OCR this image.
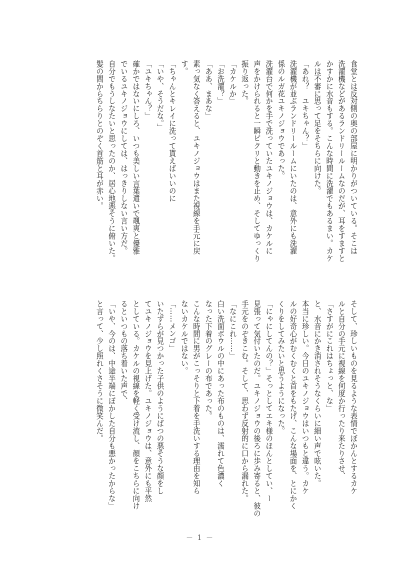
食堂とは反対側の奥の部屋に明かりがついている。そこは

洗濯機などがあるランドリールームなのだが、耳をすますと

かすかに水音もする。こんな時間に洗濯でもあるまい。カケ

ルは不審に思って足をそちらに向けた。

「あれ？　ユキちゃん？」

洗濯機が並ぶランドリールームにいたのは、意外にも洗濯

係のルガ花ユキノジョウであった。

洗濯台で何かを手で洗っていたユキノジョウは、カケルに

声をかけられると一瞬ビクリと動きを止め、そしてゆっくり

振り返った。

「カケルか」

「お洗濯？」

「ああ、まあな」

素っ気なく答えると、ユキノジョウはまた視線を手元に戻

す。

「ちゃんとキレイに洗って貰えばいいのに

「いや、そうだな。」

「ユキちゃん？」

確かではないにしろ、いつも美しい言葉遣いで颯爽と優雅

でいるユキノジョウにしては、はっきりしない言い方だ。

自分でもうしなたいと思ったのか、居心地悪そうに俯いた。

髪の間からちらりとのぞく首筋と耳が赤い。

そして、珍しいものを見るような表情でぼかんとするカケ

ルと自分の手元に視線を何度か行ったり来たりさせ、

「さすがにこれはちょっと、な」

と、水音にかき消されそうなくらいに細い声で呟いた。

本当に珍しい。今日のユキノジョウはいつもと違う。カケ

ルの好奇心がむくむくと首をもたげ、こんな場面を、とにかく

くりをしてみたいと思うようになった。

「にゃにしてんの？」そっとしてエキ様のほんとしてい、ー

見張って気付いたのだ。ユキノジョウの後ろに歩み寄ると、彼の

手元をのぞきこむ。そして、思わず反射的に口から漏れた。

「なにこれ……」

白い洗面ボウルの中にあった布のものは、濡れて色濃く

なった下着のグレーの布であった。

こんな時間に男がこっそりと下着を手洗いする理由を知ら

ないカケルではない。

「……メンゴ」

いたずらが見つかった子供のようにばつの悪そうな顔をし

てユキノジョウを見上げた。ユキノジョウは、意外にも平然

としている。カケルの視線を軽く受け流し、顔をこちらに向け

るといつもの落ち着いた声で、

「いや、今のは、中途半端にぼかした自分も悪かったからな」

と言って、少し照れくさそうに微笑んだ。

－ 1 －
